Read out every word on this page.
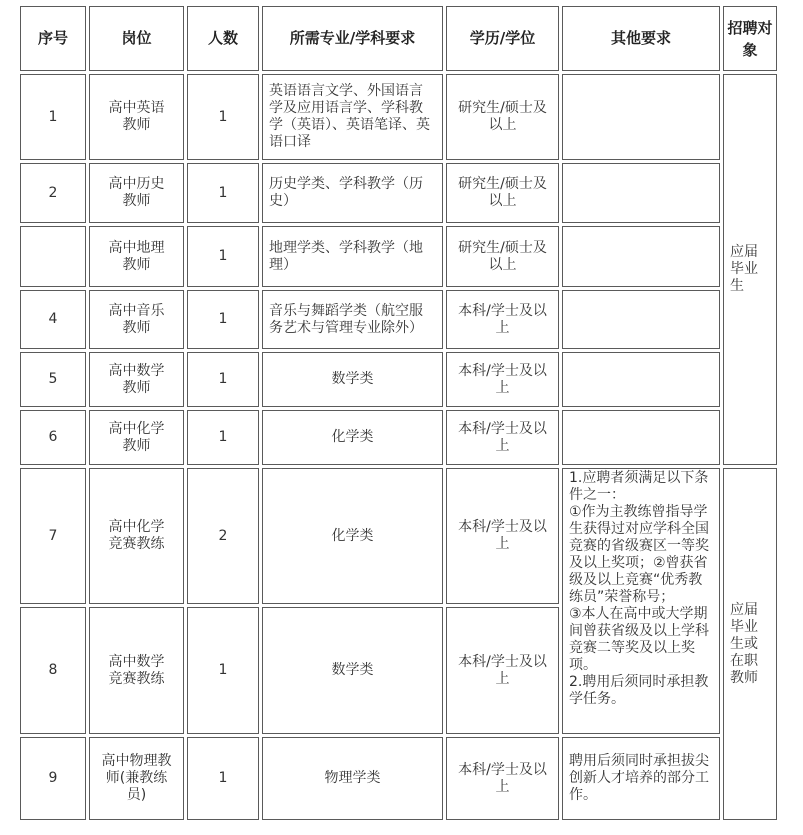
序号	岗位	人数	所需专业/学科要求	学历/学位	其他要求	招聘对象
1	高中英语教师	1	英语语言文学、外国语言学及应用语言学、学科教学（英语）、英语笔译、英语口译	研究生/硕士及以上		应届毕业生
2	高中历史教师	1	历史学类、学科教学（历史）	研究生/硕士及以上		
	高中地理教师	1	地理学类、学科教学（地理）	研究生/硕士及以上		
4	高中音乐教师	1	音乐与舞蹈学类（航空服务艺术与管理专业除外）	本科/学士及以上		
5	高中数学教师	1	数学类	本科/学士及以上		
6	高中化学教师	1	化学类	本科/学士及以上		
7	高中化学竞赛教练	2	化学类	本科/学士及以上	1.应聘者须满足以下条件之一：
①作为主教练曾指导学生获得过对应学科全国竞赛的省级赛区一等奖及以上奖项；②曾获省级及以上竞赛“优秀教练员”荣誉称号；
③本人在高中或大学期间曾获省级及以上学科竞赛二等奖及以上奖项。
2.聘用后须同时承担教学任务。	应届毕业生或在职教师
8	高中数学竞赛教练	1	数学类	本科/学士及以上		
9	高中物理教师(兼教练员)	1	物理学类	本科/学士及以上	聘用后须同时承担拔尖创新人才培养的部分工作。	
